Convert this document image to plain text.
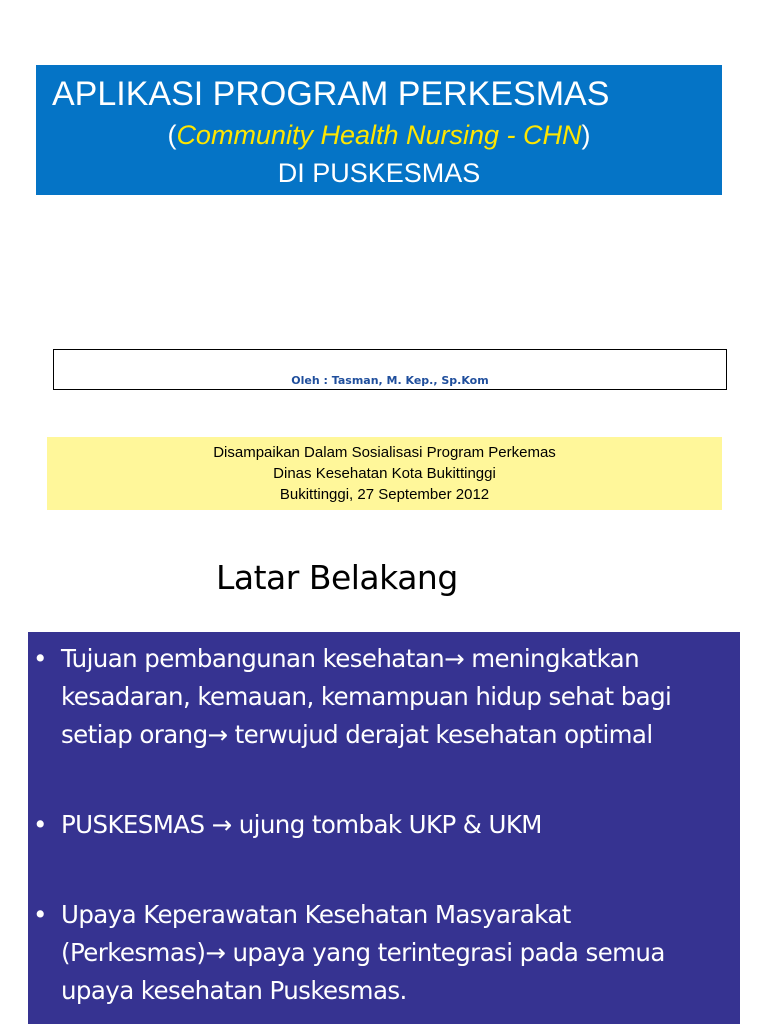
APLIKASI PROGRAM PERKESMAS
(Community Health Nursing - CHN)
DI PUSKESMAS
Oleh : Tasman, M. Kep., Sp.Kom
Disampaikan Dalam Sosialisasi Program Perkemas
Dinas Kesehatan Kota Bukittinggi
Bukittinggi, 27 September 2012
Latar Belakang
• Tujuan pembangunan kesehatan→ meningkatkan kesadaran, kemauan, kemampuan hidup sehat bagi setiap orang→ terwujud derajat kesehatan optimal
• PUSKESMAS → ujung tombak UKP & UKM
• Upaya Keperawatan Kesehatan Masyarakat (Perkesmas)→ upaya yang terintegrasi pada semua upaya kesehatan Puskesmas.
